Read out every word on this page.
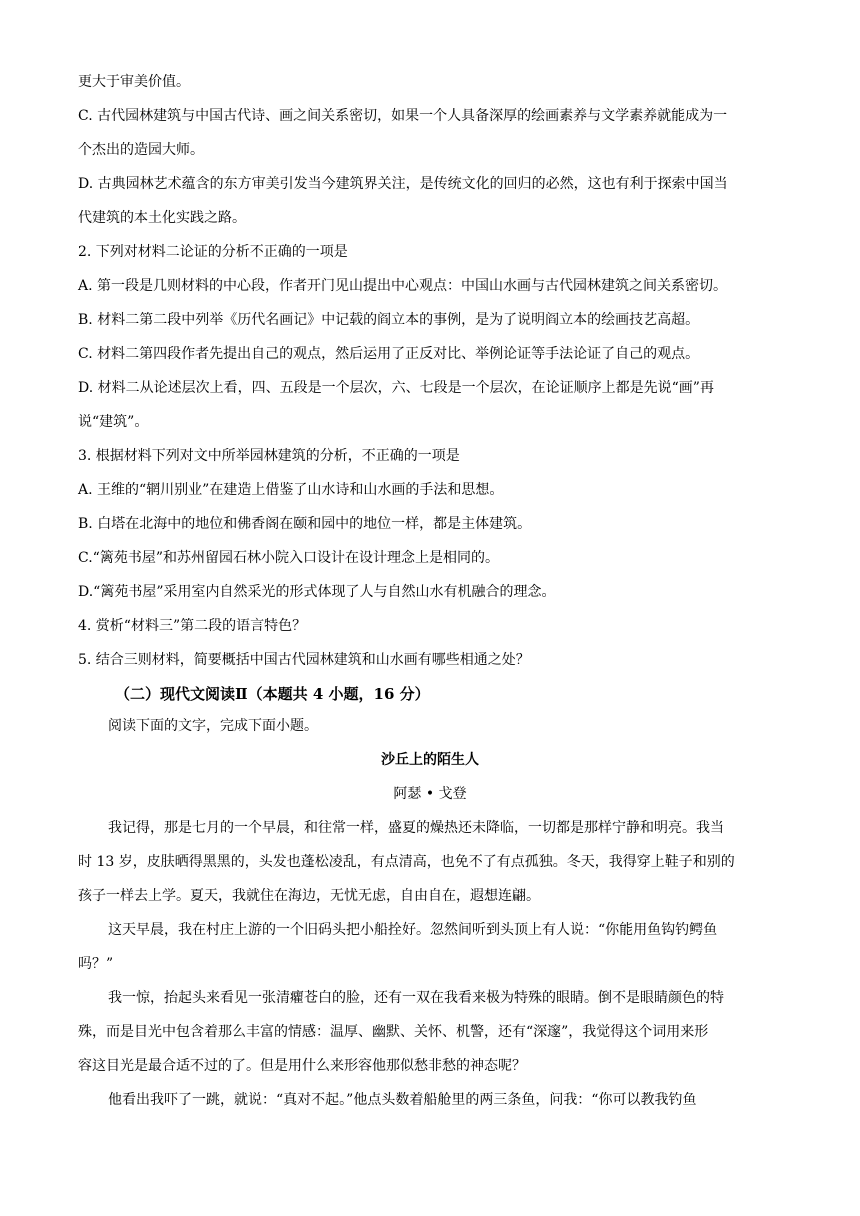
更大于审美价值。
C. 古代园林建筑与中国古代诗、画之间关系密切，如果一个人具备深厚的绘画素养与文学素养就能成为一
个杰出的造园大师。
D. 古典园林艺术蕴含的东方审美引发当今建筑界关注，是传统文化的回归的必然，这也有利于探索中国当
代建筑的本土化实践之路。
2. 下列对材料二论证的分析不正确的一项是
A. 第一段是几则材料的中心段，作者开门见山提出中心观点：中国山水画与古代园林建筑之间关系密切。
B. 材料二第二段中列举《历代名画记》中记载的阎立本的事例，是为了说明阎立本的绘画技艺高超。
C. 材料二第四段作者先提出自己的观点，然后运用了正反对比、举例论证等手法论证了自己的观点。
D. 材料二从论述层次上看，四、五段是一个层次，六、七段是一个层次，在论证顺序上都是先说“画”再
说“建筑”。
3. 根据材料下列对文中所举园林建筑的分析，不正确的一项是
A. 王维的“辋川别业”在建造上借鉴了山水诗和山水画的手法和思想。
B. 白塔在北海中的地位和佛香阁在颐和园中的地位一样，都是主体建筑。
C.“篱苑书屋”和苏州留园石林小院入口设计在设计理念上是相同的。
D.“篱苑书屋”采用室内自然采光的形式体现了人与自然山水有机融合的理念。
4. 赏析“材料三”第二段的语言特色？
5. 结合三则材料，简要概括中国古代园林建筑和山水画有哪些相通之处？
（二）现代文阅读Ⅱ（本题共 4 小题，16 分）
阅读下面的文字，完成下面小题。
沙丘上的陌生人
阿瑟 • 戈登
我记得，那是七月的一个早晨，和往常一样，盛夏的燥热还未降临，一切都是那样宁静和明亮。我当
时 13 岁，皮肤晒得黑黑的，头发也蓬松凌乱，有点清高，也免不了有点孤独。冬天，我得穿上鞋子和别的
孩子一样去上学。夏天，我就住在海边，无忧无虑，自由自在，遐想连翩。
这天早晨，我在村庄上游的一个旧码头把小船拴好。忽然间听到头顶上有人说：“你能用鱼钩钓鳄鱼
吗？”
我一惊，抬起头来看见一张清癯苍白的脸，还有一双在我看来极为特殊的眼睛。倒不是眼睛颜色的特
殊，而是目光中包含着那么丰富的情感：温厚、幽默、关怀、机警，还有“深邃”，我觉得这个词用来形
容这目光是最合适不过的了。但是用什么来形容他那似愁非愁的神态呢？
他看出我吓了一跳，就说：“真对不起。”他点头数着船舱里的两三条鱼，问我：“你可以教我钓鱼
